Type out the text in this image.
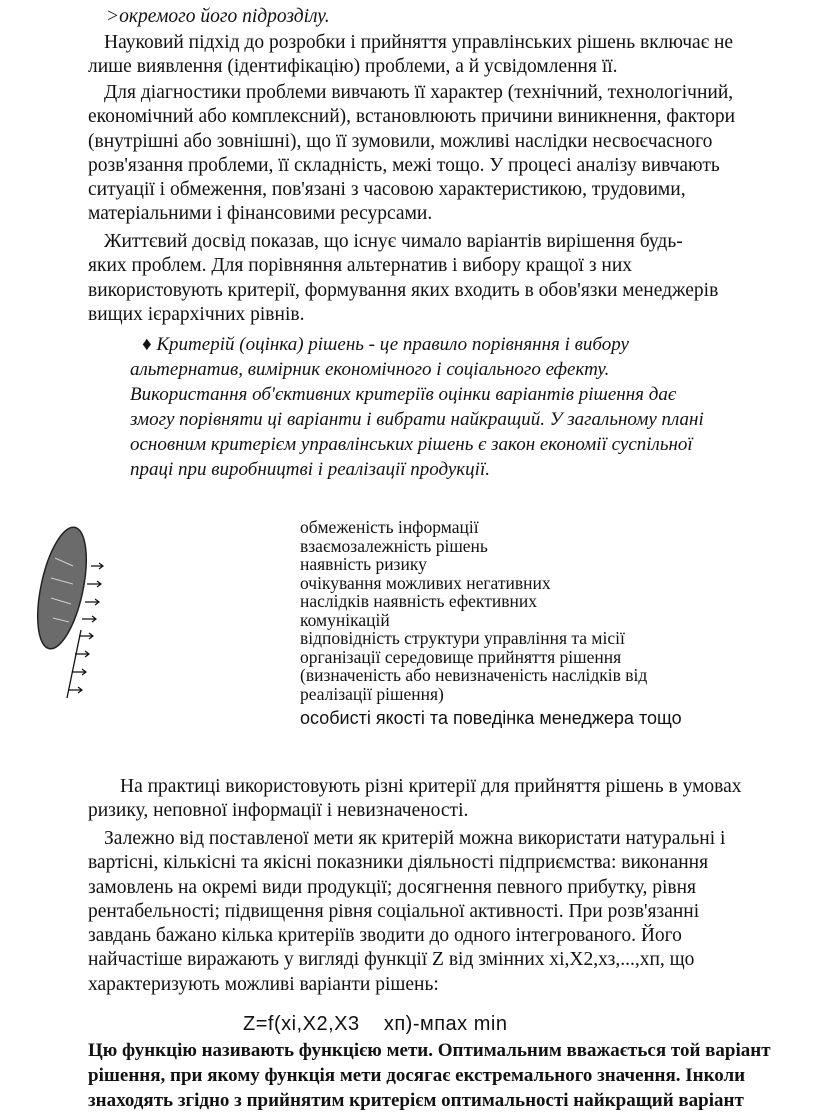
>окремого його підрозділу.
Науковий підхід до розробки і прийняття управлінських рішень включає не
лише виявлення (ідентифікацію) проблеми, а й усвідомлення її.
Для діагностики проблеми вивчають її характер (технічний, технологічний,
економічний або комплексний), встановлюють причини виникнення, фактори
(внутрішні або зовнішні), що її зумовили, можливі наслідки несвоєчасного
розв'язання проблеми, її складність, межі тощо. У процесі аналізу вивчають
ситуації і обмеження, пов'язані з часовою характеристикою, трудовими,
матеріальними і фінансовими ресурсами.
Життєвий досвід показав, що існує чимало варіантів вирішення будь-
яких проблем. Для порівняння альтернатив і вибору кращої з них
використовують критерії, формування яких входить в обов'язки менеджерів
вищих ієрархічних рівнів.
♦ Критерій (оцінка) рішень - це правило порівняння і вибору
альтернатив, вимірник економічного і соціального ефекту.
Використання об'єктивних критеріїв оцінки варіантів рішення дає
змогу порівняти ці варіанти і вибрати найкращий. У загальному плані
основним критерієм управлінських рішень є закон економії суспільної
праці при виробництві і реалізації продукції.
обмеженість інформації
взаємозалежність рішень
наявність ризику
очікування можливих негативних
наслідків наявність ефективних
комунікацій
відповідність структури управління та місії
організації середовище прийняття рішення
(визначеність або невизначеність наслідків від
реалізації рішення)
особисті якості та поведінка менеджера тощо
На практиці використовують різні критерії для прийняття рішень в умовах
ризику, неповної інформації і невизначеності.
Залежно від поставленої мети як критерій можна використати натуральні і
вартісні, кількісні та якісні показники діяльності підприємства: виконання
замовлень на окремі види продукції; досягнення певного прибутку, рівня
рентабельності; підвищення рівня соціальної активності. При розв'язанні
завдань бажано кілька критеріїв зводити до одного інтегрованого. Його
найчастіше виражають у вигляді функції Z від змінних хі,Х2,хз,...,хп, що
характеризують можливі варіанти рішень:
Z=f(xi,X2,X3    xп)-мпах min
Цю функцію називають функцією мети. Оптимальним вважається той варіант
рішення, при якому функція мети досягає екстремального значення. Інколи
знаходять згідно з прийнятим критерієм оптимальності найкращий варіант
